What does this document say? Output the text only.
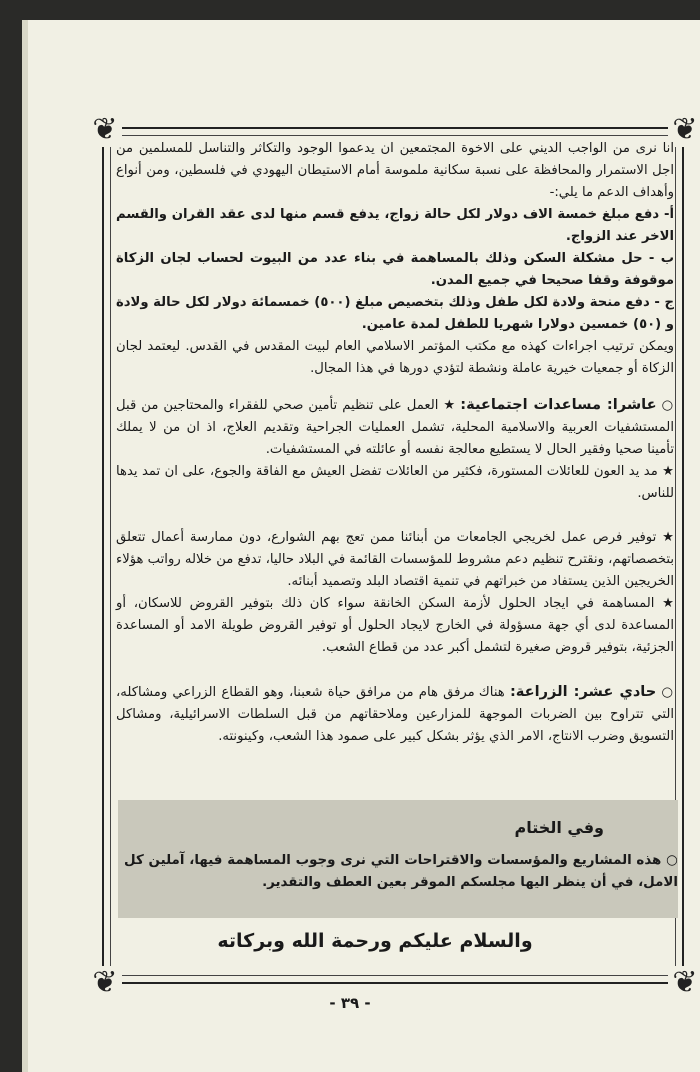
❦	❦
❦	❦

انا نرى من الواجب الديني على الاخوة المجتمعين ان يدعموا الوجود والتكاثر والتناسل للمسلمين من اجل الاستمرار والمحافظة على نسبة سكانية ملموسة أمام الاستيطان اليهودي في فلسطين، ومن أنواع وأهداف الدعم ما يلي:-

أ- دفع مبلغ خمسة الاف دولار لكل حالة زواج، يدفع قسم منها لدى عقد القران والقسم الاخر عند الزواج.

ب - حل مشكلة السكن وذلك بالمساهمة في بناء عدد من البيوت لحساب لجان الزكاة موقوفة وقفا صحيحا في جميع المدن.

ج - دفع منحة ولادة لكل طفل وذلك بتخصيص مبلغ (٥٠٠) خمسمائة دولار لكل حالة ولادة و (٥٠) خمسين دولارا شهريا للطفل لمدة عامين.

ويمكن ترتيب اجراءات كهذه مع مكتب المؤتمر الاسلامي العام لبيت المقدس في القدس. ليعتمد لجان الزكاة أو جمعيات خيرية عاملة ونشطة لتؤدي دورها في هذا المجال.

○ عاشرا: مساعدات اجتماعية: ★ العمل على تنظيم تأمين صحي للفقراء والمحتاجين من قبل المستشفيات العربية والاسلامية المحلية، تشمل العمليات الجراحية وتقديم العلاج، اذ ان من لا يملك تأمينا صحيا وفقير الحال لا يستطيع معالجة نفسه أو عائلته في المستشفيات.

★ مد يد العون للعائلات المستورة، فكثير من العائلات تفضل العيش مع الفاقة والجوع، على ان تمد يدها للناس.

★ توفير فرص عمل لخريجي الجامعات من أبنائنا ممن تعج بهم الشوارع، دون ممارسة أعمال تتعلق بتخصصاتهم، ونقترح تنظيم دعم مشروط للمؤسسات القائمة في البلاد حاليا، تدفع من خلاله رواتب هؤلاء الخريجين الذين يستفاد من خبراتهم في تنمية اقتصاد البلد وتصميد أبنائه.

★ المساهمة في ايجاد الحلول لأزمة السكن الخانقة سواء كان ذلك بتوفير القروض للاسكان، أو المساعدة لدى أي جهة مسؤولة في الخارج لايجاد الحلول أو توفير القروض طويلة الامد أو المساعدة الجزئية، بتوفير قروض صغيرة لتشمل أكبر عدد من قطاع الشعب.

○ حادي عشر: الزراعة: هناك مرفق هام من مرافق حياة شعبنا، وهو القطاع الزراعي ومشاكله، التي تتراوح بين الضربات الموجهة للمزارعين وملاحقاتهم من قبل السلطات الاسرائيلية، ومشاكل التسويق وضرب الانتاج، الامر الذي يؤثر بشكل كبير على صمود هذا الشعب، وكينونته.

وفي الختام
○ هذه المشاريع والمؤسسات والاقتراحات التي نرى وجوب المساهمة فيها، آملين كل الامل، في أن ينظر اليها مجلسكم الموقر بعين العطف والتقدير.
والسلام عليكم ورحمة الله وبركاته
- ٣٩ -
